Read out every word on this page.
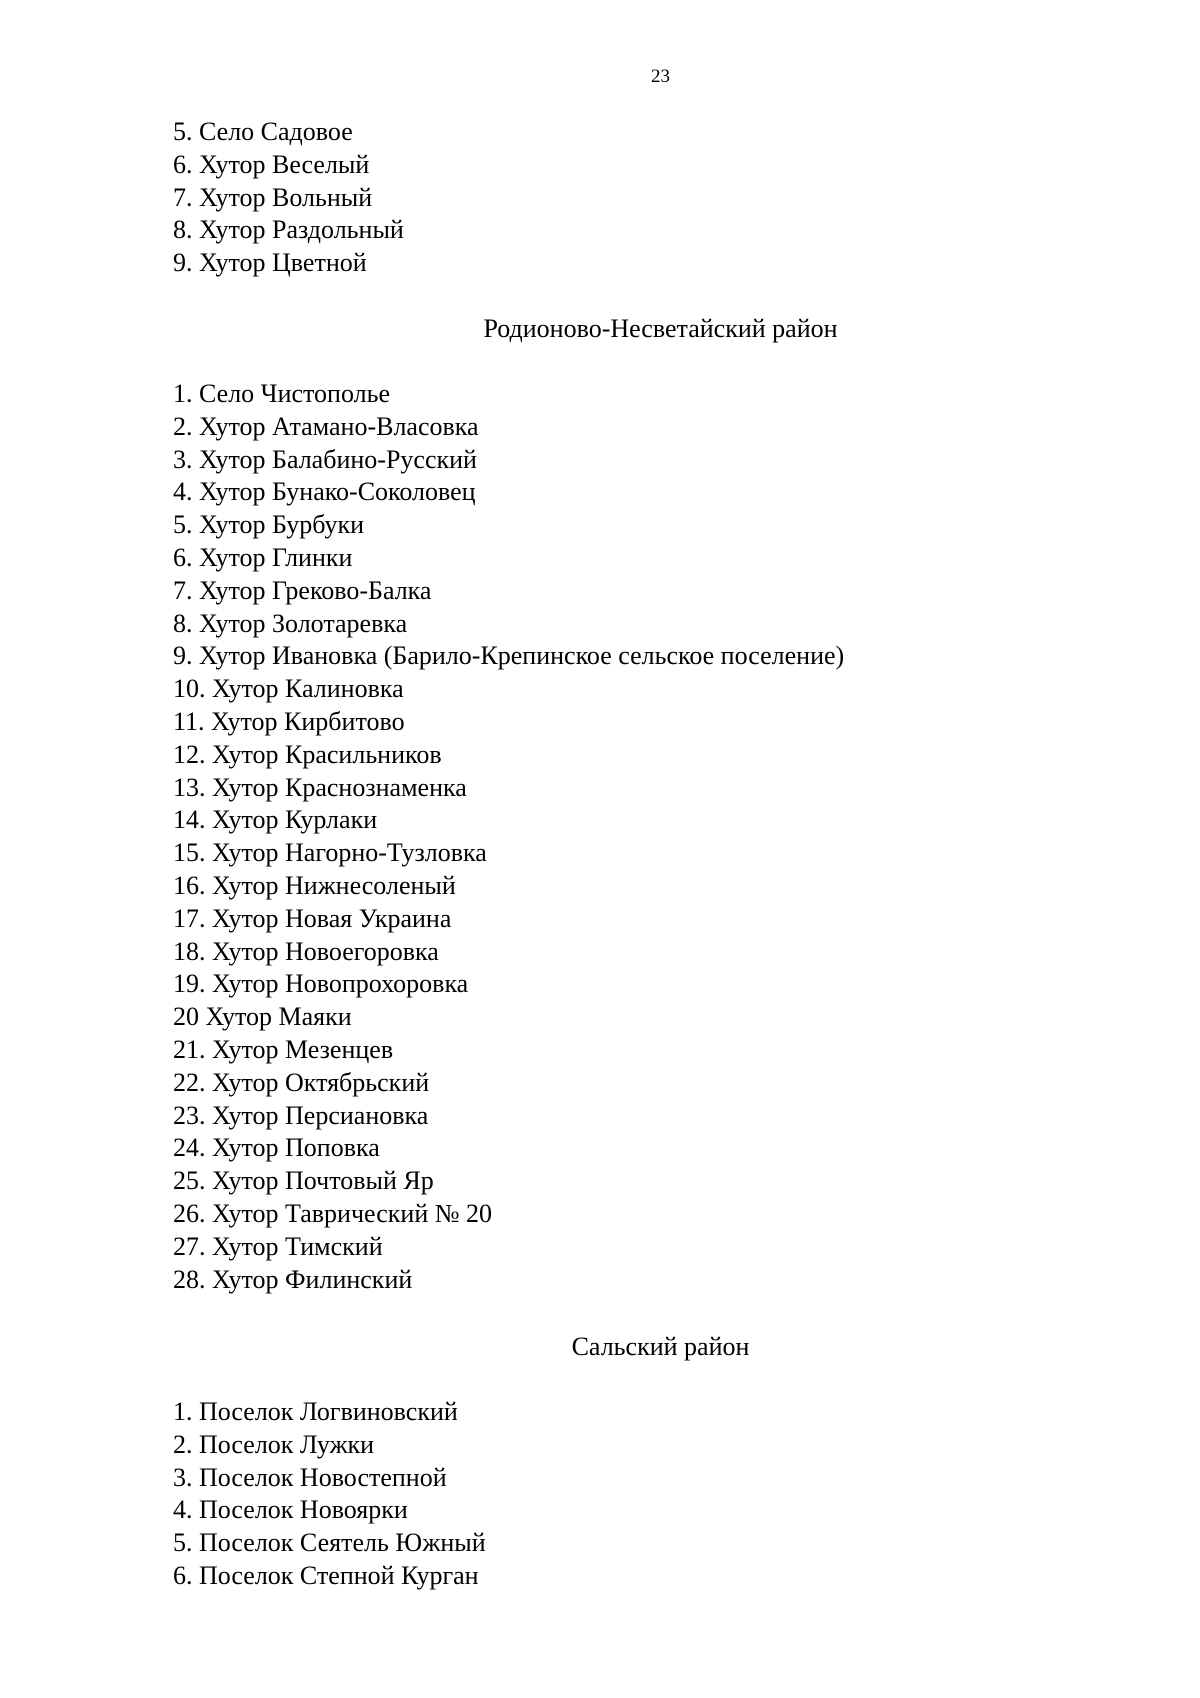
23
5. Село Садовое
6. Хутор Веселый
7. Хутор Вольный
8. Хутор Раздольный
9. Хутор Цветной
Родионово-Несветайский район
1. Село Чистополье
2. Хутор Атамано-Власовка
3. Хутор Балабино-Русский
4. Хутор Бунако-Соколовец
5. Хутор Бурбуки
6. Хутор Глинки
7. Хутор Греково-Балка
8. Хутор Золотаревка
9. Хутор Ивановка (Барило-Крепинское сельское поселение)
10. Хутор Калиновка
11. Хутор Кирбитово
12. Хутор Красильников
13. Хутор Краснознаменка
14. Хутор Курлаки
15. Хутор Нагорно-Тузловка
16. Хутор Нижнесоленый
17. Хутор Новая Украина
18. Хутор Новоегоровка
19. Хутор Новопрохоровка
20 Хутор Маяки
21. Хутор Мезенцев
22. Хутор Октябрьский
23. Хутор Персиановка
24. Хутор Поповка
25. Хутор Почтовый Яр
26. Хутор Таврический № 20
27. Хутор Тимский
28. Хутор Филинский
Сальский район
1. Поселок Логвиновский
2. Поселок Лужки
3. Поселок Новостепной
4. Поселок Новоярки
5. Поселок Сеятель Южный
6. Поселок Степной Курган
